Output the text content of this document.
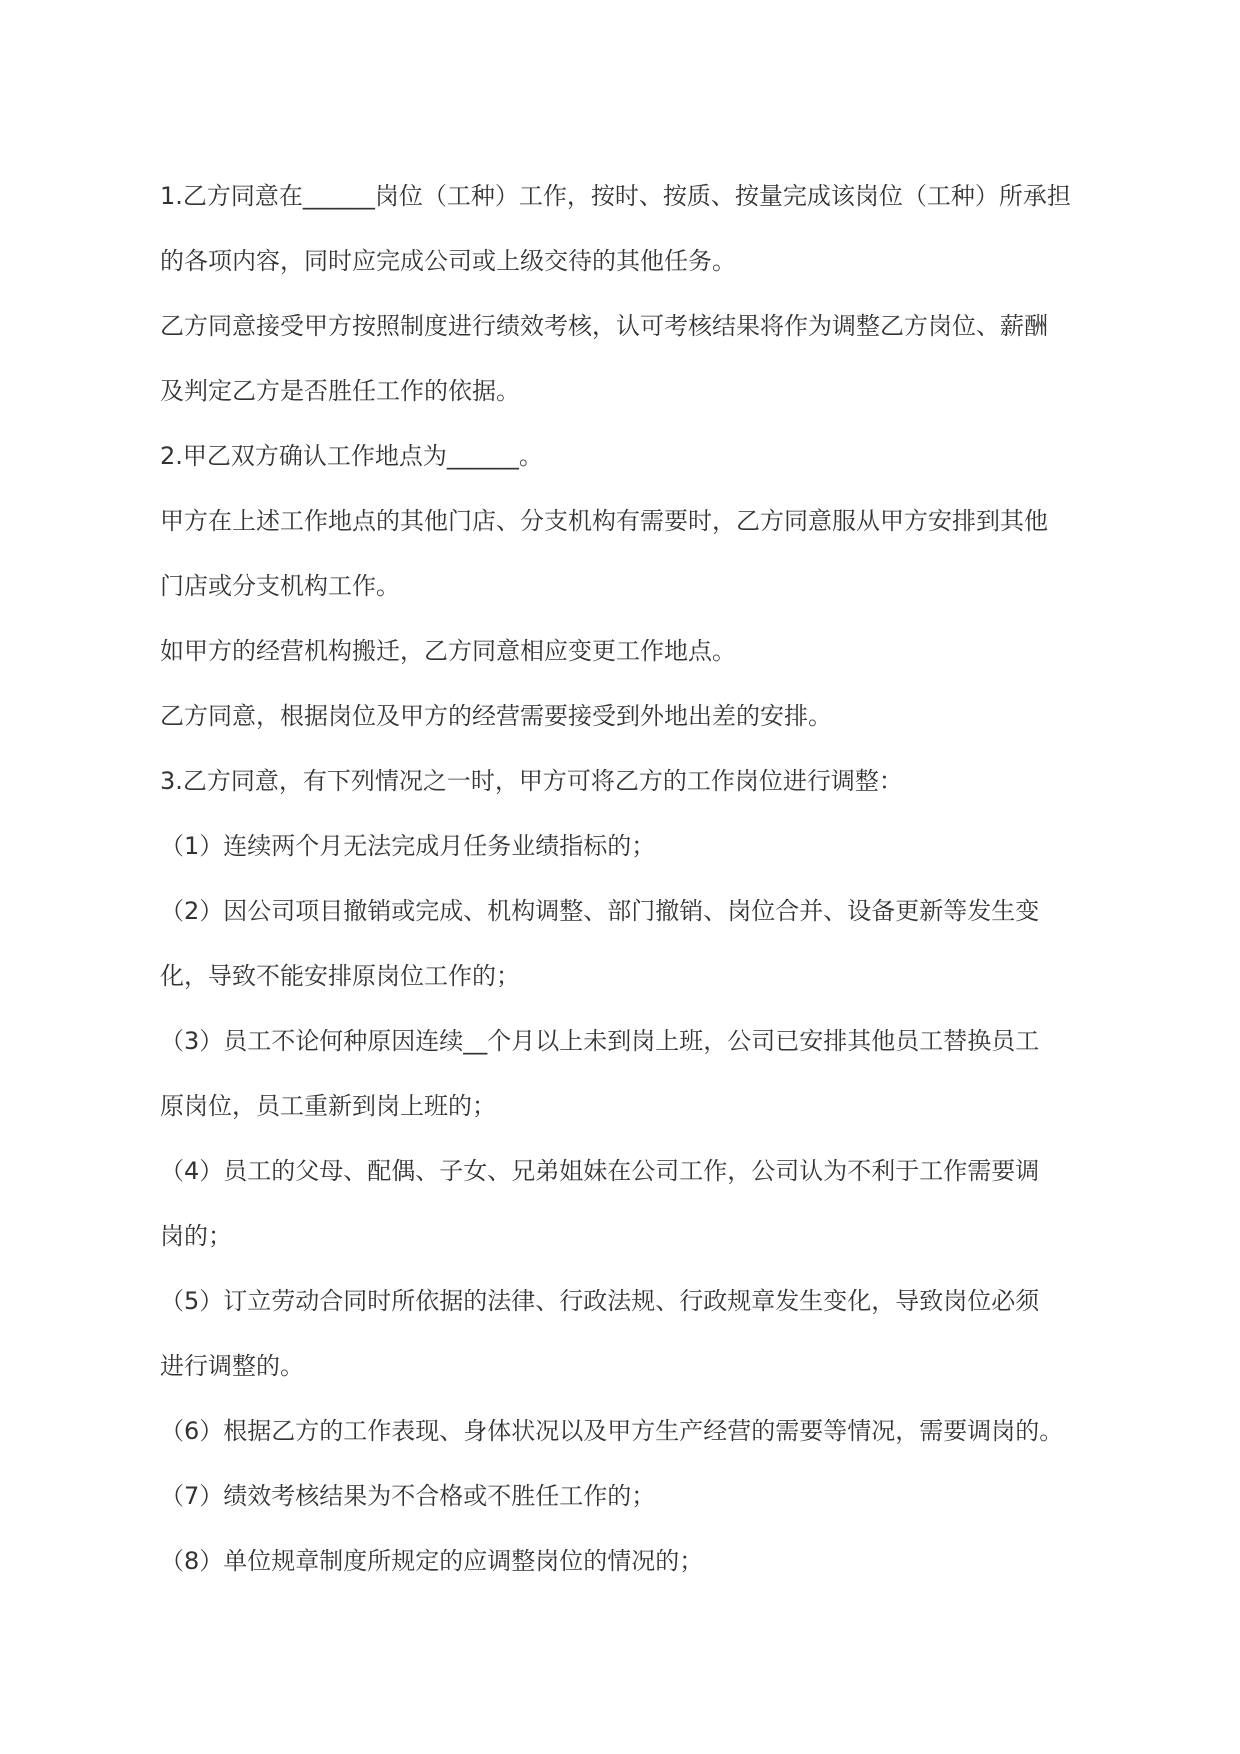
1.乙方同意在______岗位（工种）工作，按时、按质、按量完成该岗位（工种）所承担

的各项内容，同时应完成公司或上级交待的其他任务。

乙方同意接受甲方按照制度进行绩效考核，认可考核结果将作为调整乙方岗位、薪酬

及判定乙方是否胜任工作的依据。

2.甲乙双方确认工作地点为______。

甲方在上述工作地点的其他门店、分支机构有需要时，乙方同意服从甲方安排到其他

门店或分支机构工作。

如甲方的经营机构搬迁，乙方同意相应变更工作地点。

乙方同意，根据岗位及甲方的经营需要接受到外地出差的安排。

3.乙方同意，有下列情况之一时，甲方可将乙方的工作岗位进行调整：

（1）连续两个月无法完成月任务业绩指标的；

（2）因公司项目撤销或完成、机构调整、部门撤销、岗位合并、设备更新等发生变

化，导致不能安排原岗位工作的；

（3）员工不论何种原因连续__个月以上未到岗上班，公司已安排其他员工替换员工

原岗位，员工重新到岗上班的；

（4）员工的父母、配偶、子女、兄弟姐妹在公司工作，公司认为不利于工作需要调

岗的；

（5）订立劳动合同时所依据的法律、行政法规、行政规章发生变化，导致岗位必须

进行调整的。

（6）根据乙方的工作表现、身体状况以及甲方生产经营的需要等情况，需要调岗的。

（7）绩效考核结果为不合格或不胜任工作的；

（8）单位规章制度所规定的应调整岗位的情况的；
